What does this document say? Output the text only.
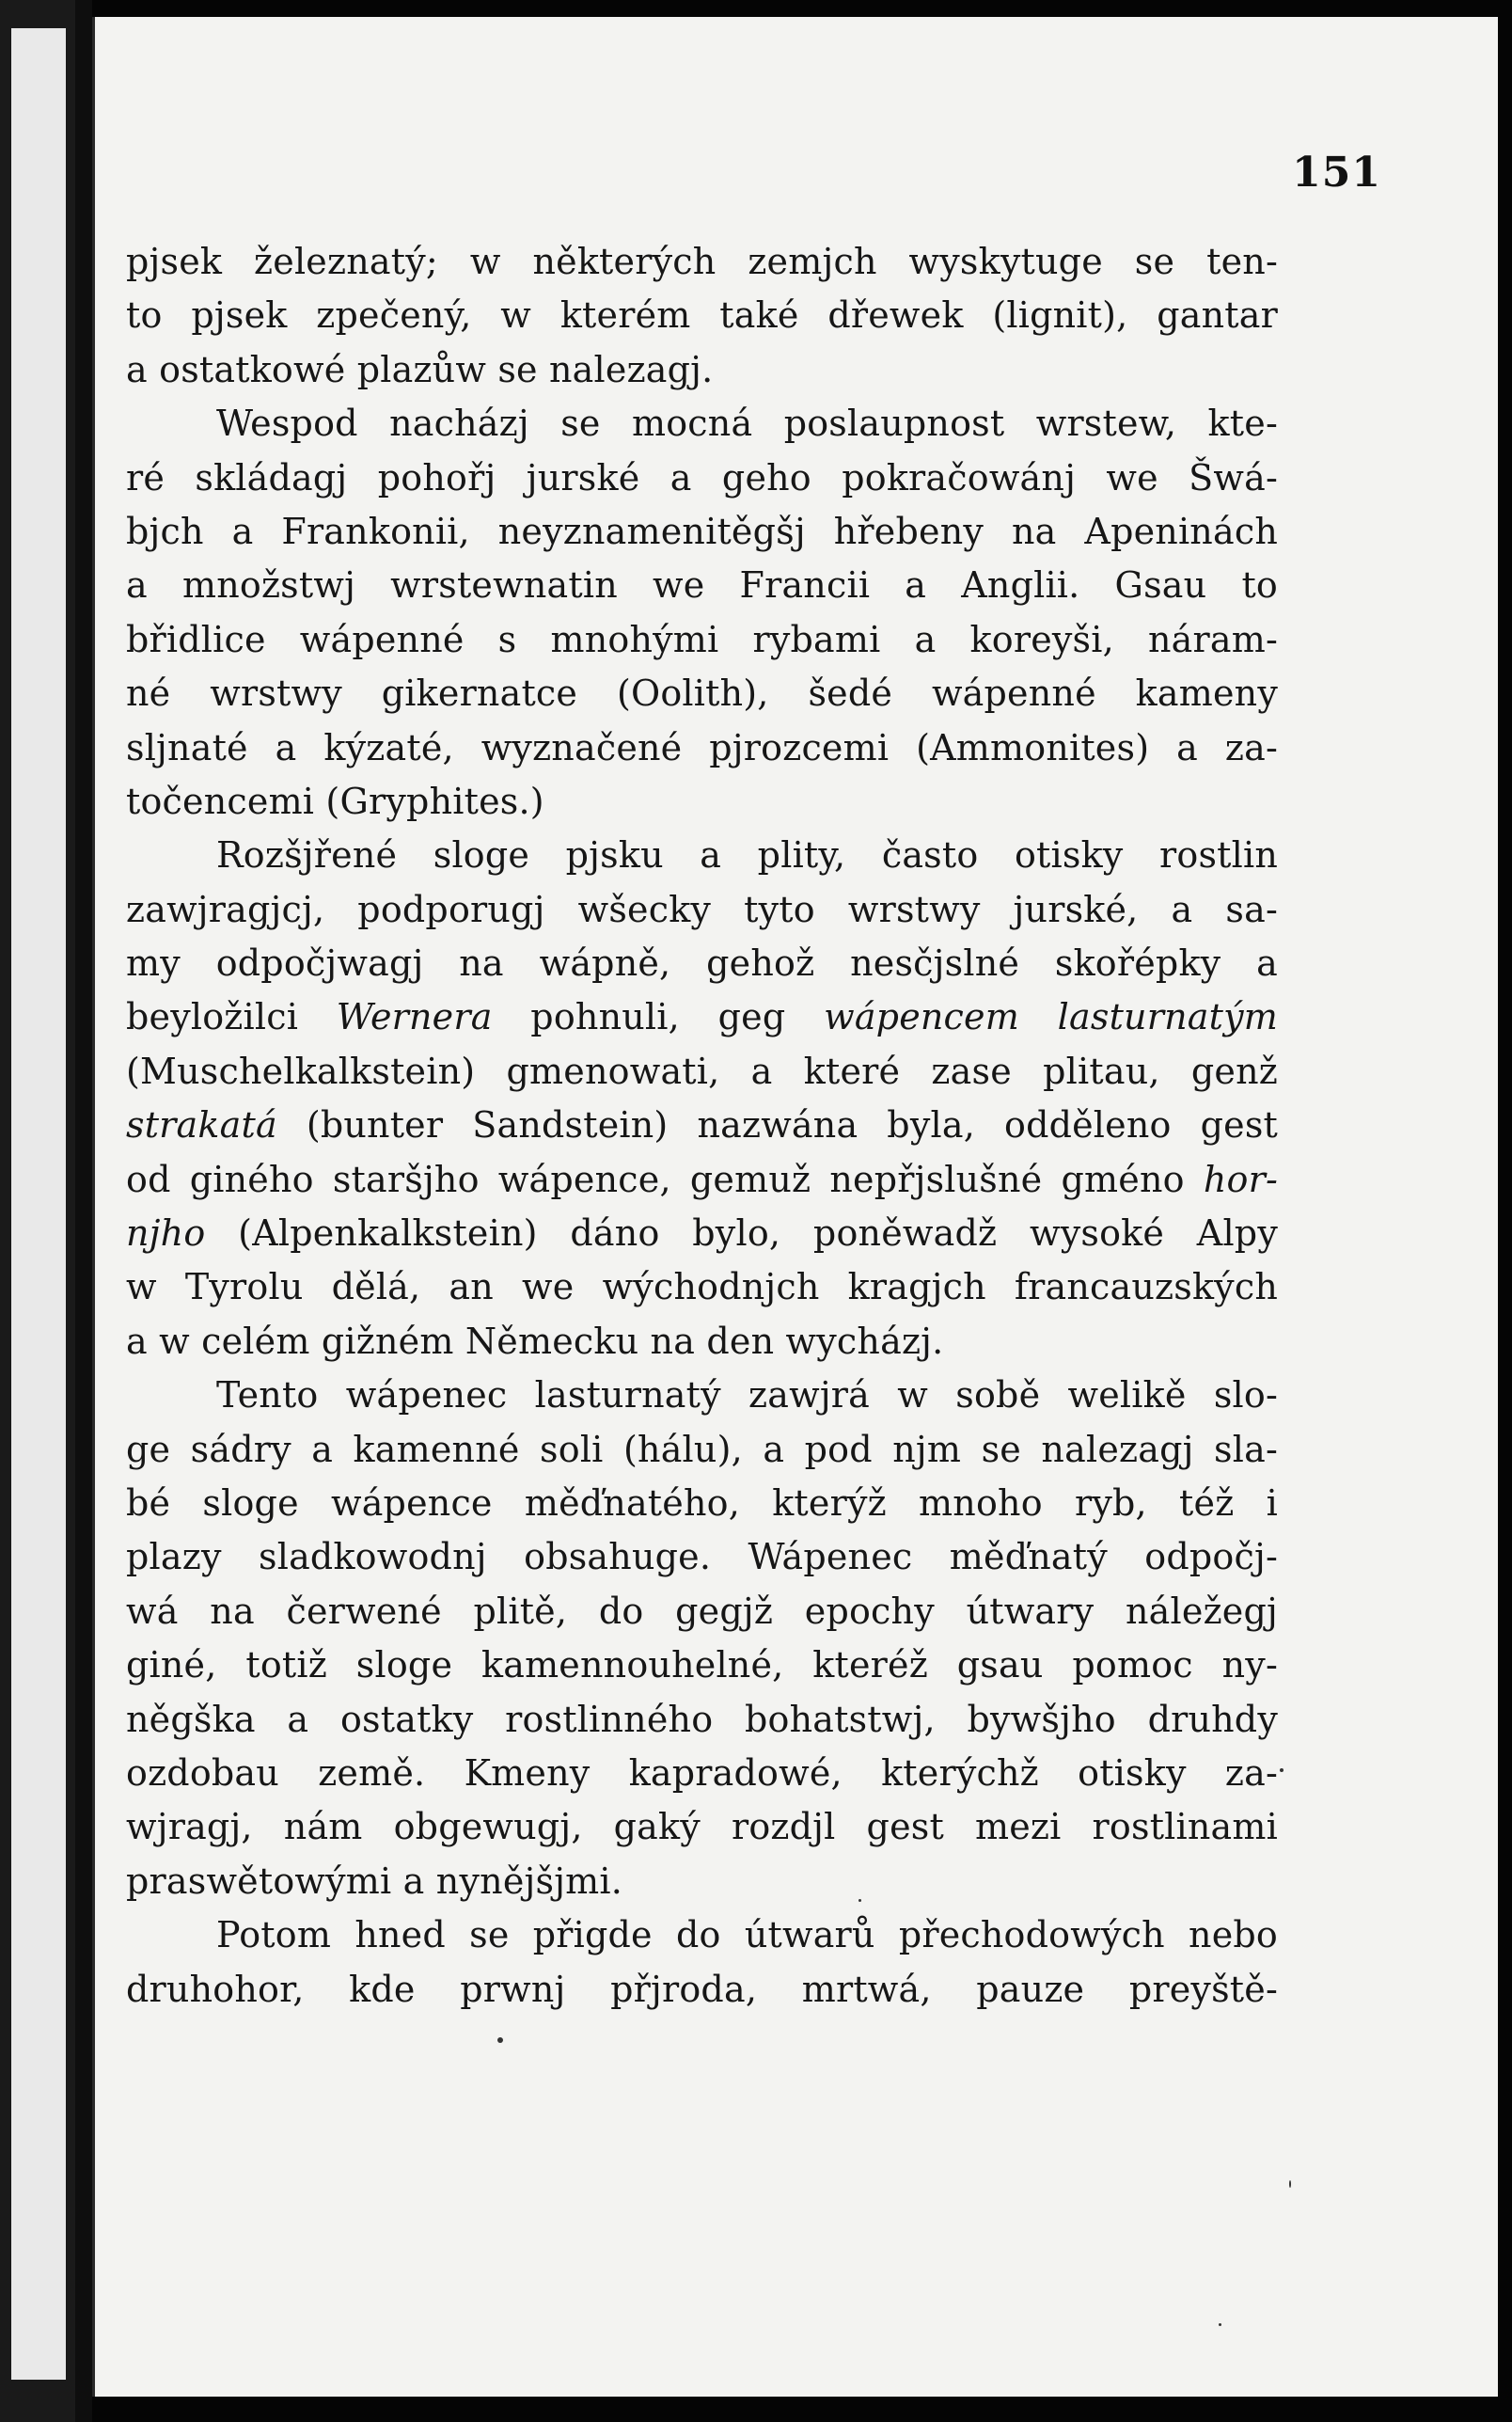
151
pjsek železnatý; w některých zemjch wyskytuge se ten-
to pjsek zpečený, w kterém také dřewek (lignit), gantar
a ostatkowé plazůw se nalezagj.
Wespod nacházj se mocná poslaupnost wrstew, kte-
ré skládagj pohořj jurské a geho pokračowánj we Šwá-
bjch a Frankonii, neyznamenitěgšj hřebeny na Apeninách
a množstwj wrstewnatin we Francii a Anglii. Gsau to
břidlice wápenné s mnohými rybami a koreyši, náram-
né wrstwy gikernatce (Oolith), šedé wápenné kameny
· sljnaté a kýzaté, wyznačené pjrozcemi (Ammonites) a za-
točencemi (Gryphites.)
Rozšjřené sloge pjsku a plity, často otisky rostlin
zawjragjcj, podporugj wšecky tyto wrstwy jurské, a sa-
my odpočjwagj na wápně, gehož nesčjslné skořépky a
beyložilci Wernera pohnuli, geg wápencem lasturnatým
(Muschelkalkstein) gmenowati, a které zase plitau, genž
strakatá (bunter Sandstein) nazwána byla, odděleno gest
od giného staršjho wápence, gemuž nepřjslušné gméno hor-
njho (Alpenkalkstein) dáno bylo, poněwadž wysoké Alpy
w Tyrolu dělá, an we wýchodnjch kragjch francauzských
a w celém gižném Německu na den wycházj.
Tento wápenec lasturnatý zawjrá w sobě welikě slo-
ge sádry a kamenné soli (hálu), a pod njm se nalezagj sla-
bé sloge wápence měďnatého, kterýž mnoho ryb, též i
plazy sladkowodnj obsahuge. Wápenec měďnatý odpočj-
wá na čerwené plitě, do gegjž epochy útwary náležegj
giné, totiž sloge kamennouhelné, kteréž gsau pomoc ny-
něgška a ostatky rostlinného bohatstwj, bywšjho druhdy
ozdobau země. Kmeny kapradowé, kterýchž otisky za-
wjragj, nám obgewugj, gaký rozdjl gest mezi rostlinami
praswětowými a nynějšjmi.
Potom hned se přigde do útwarů přechodowých nebo
druhohor, kde prwnj přjroda, mrtwá, pauze preyště-
